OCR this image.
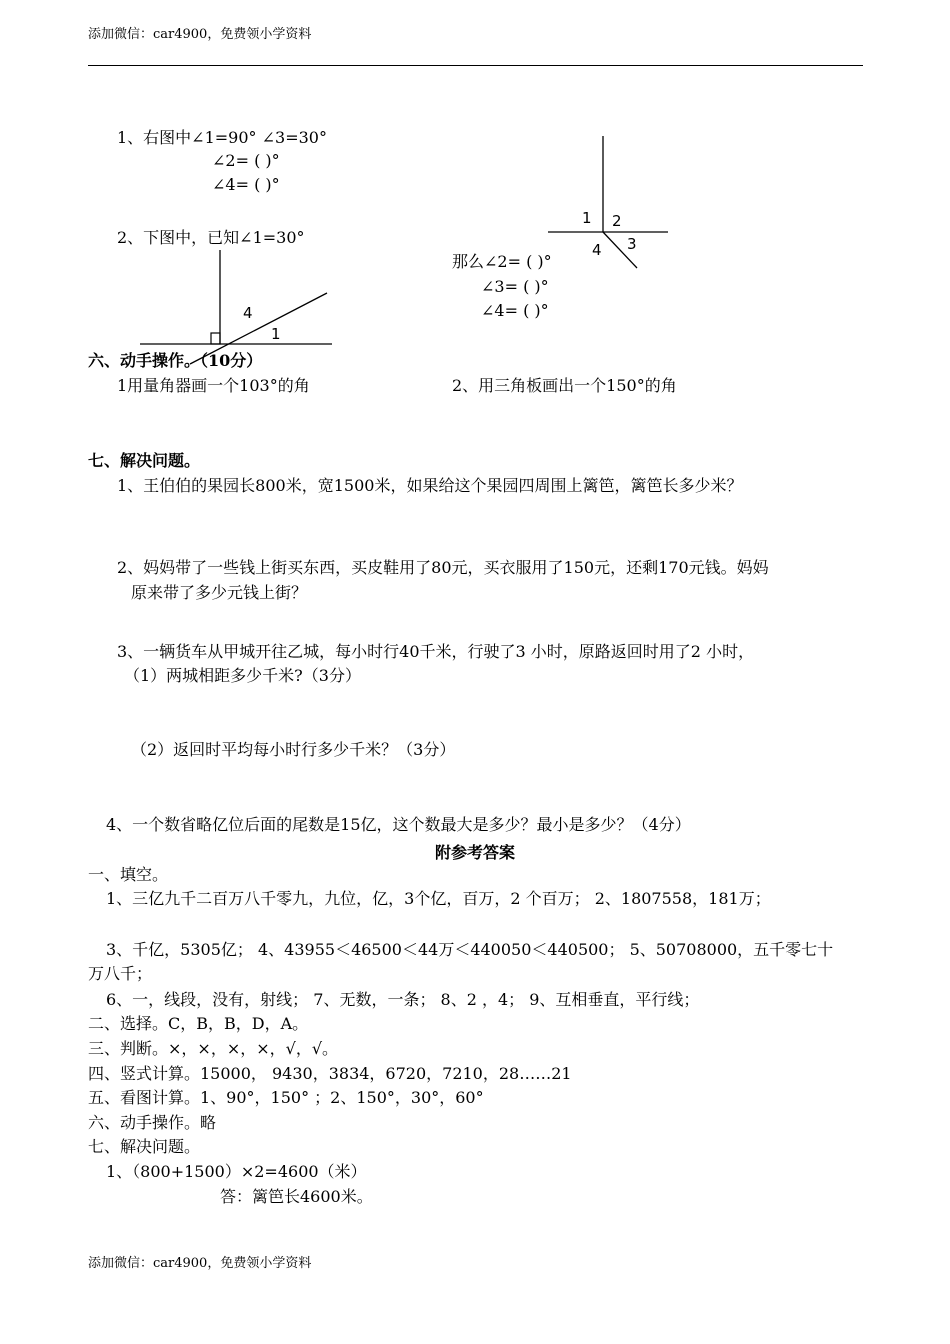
添加微信：car4900，免费领小学资料
1、右图中∠1=90° ∠3=30°
∠2= ( )°
∠4= ( )°
2、下图中，已知∠1=30°
那么∠2= ( )°
∠3= ( )°
∠4= ( )°
1 2
3
4
4
1
六、动手操作。（10分）
1用量角器画一个103°的角	2、用三角板画出一个150°的角
七、解决问题。
1、王伯伯的果园长800米，宽1500米，如果给这个果园四周围上篱笆，篱笆长多少米？
2、妈妈带了一些钱上街买东西，买皮鞋用了80元，买衣服用了150元，还剩170元钱。妈妈
原来带了多少元钱上街？
3、一辆货车从甲城开往乙城，每小时行40千米，行驶了3 小时，原路返回时用了2 小时，
（1）两城相距多少千米?（3分）
（2）返回时平均每小时行多少千米？（3分）
4、一个数省略亿位后面的尾数是15亿，这个数最大是多少？最小是多少？（4分）
附参考答案
一、填空。
1、三亿九千二百万八千零九，九位，亿，3个亿，百万，2 个百万； 2、1807558，181万；
3、千亿，5305亿； 4、43955＜46500＜44万＜440050＜440500； 5、50708000，五千零七十
万八千；
6、一，线段，没有，射线； 7、无数，一条； 8、2 ，4； 9、互相垂直，平行线；
二、选择。C，B，B，D，A。
三、判断。×，×，×，×，√，√。
四、竖式计算。15000， 9430，3834，6720，7210，28……21
五、看图计算。1、90°，150° ；2、150°，30°，60°
六、动手操作。略
七、解决问题。
1、（800+1500）×2=4600（米）
答：篱笆长4600米。
添加微信：car4900，免费领小学资料
